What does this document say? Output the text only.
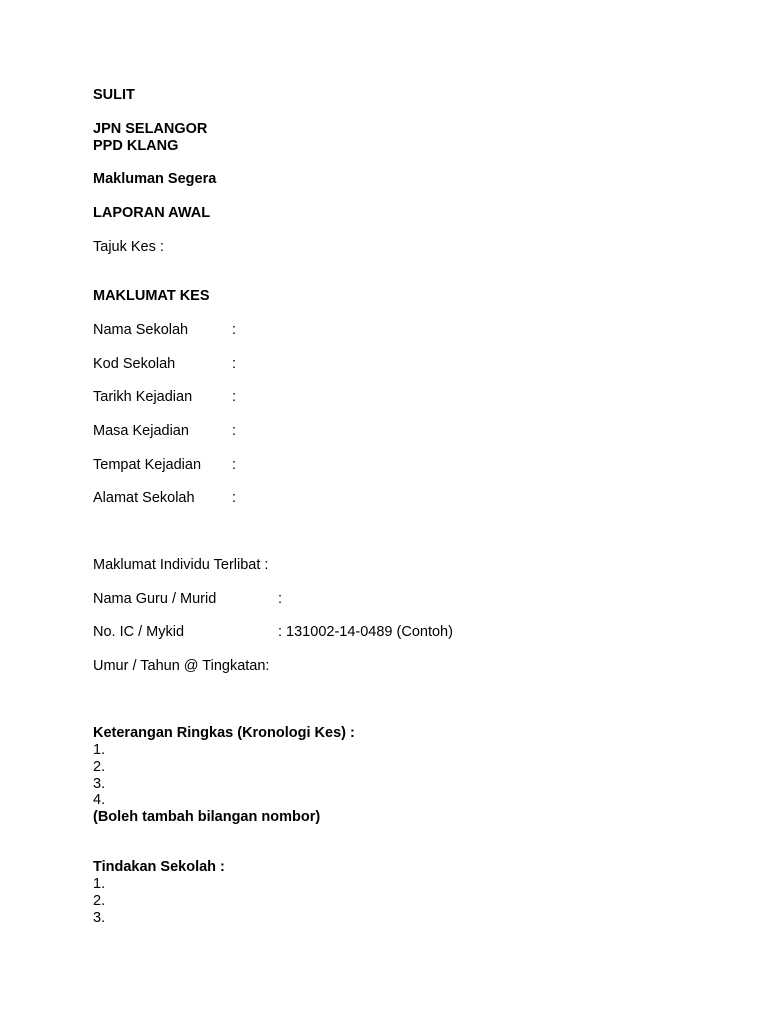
SULIT
JPN SELANGOR
PPD KLANG
Makluman Segera
LAPORAN AWAL
Tajuk Kes :
MAKLUMAT KES
Nama Sekolah	:
Kod Sekolah	:
Tarikh Kejadian	:
Masa Kejadian	:
Tempat Kejadian :
Alamat Sekolah	:
Maklumat Individu Terlibat :
Nama Guru / Murid	:
No. IC / Mykid	: 131002-14-0489 (Contoh)
Umur / Tahun @ Tingkatan:
Keterangan Ringkas (Kronologi Kes) :
1.
2.
3.
4.
(Boleh tambah bilangan nombor)
Tindakan Sekolah :
1.
2.
3.
